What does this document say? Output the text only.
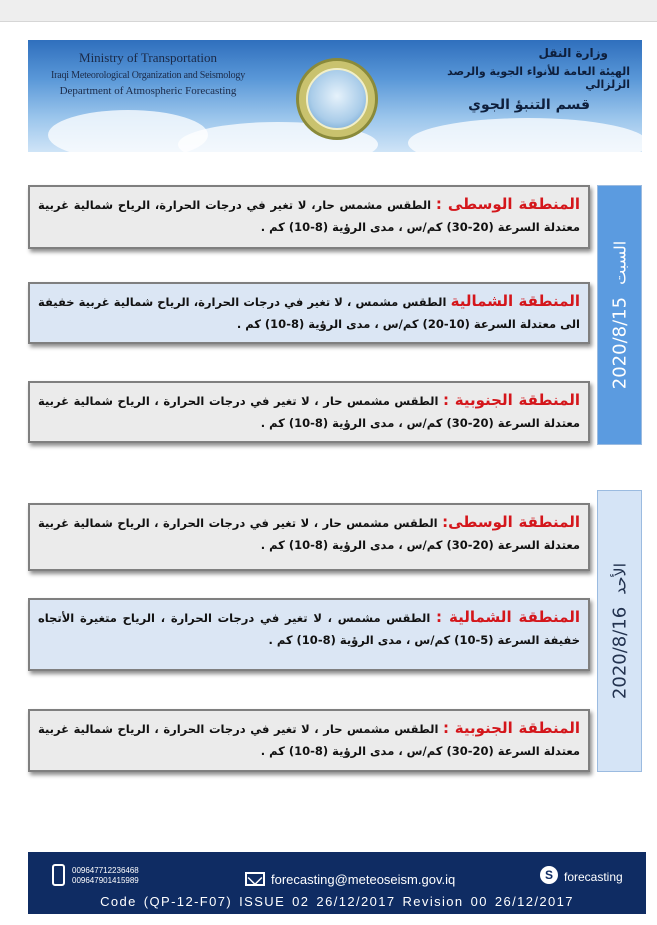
Ministry of Transportation
Iraqi Meteorological Organization and Seismology
Department of Atmospheric Forecasting
وزارة النقل
الهيئة العامة للأنواء الجوية والرصد الزلزالي
قسم التنبؤ الجوي
2020/8/15السبت
المنطقة الوسطى : الطقس مشمس حار، لا تغير في درجات الحرارة، الرياح شمالية غربية معتدلة السرعة (20-30) كم/س ، مدى الرؤية (8-10) كم .
المنطقة الشمالية الطقس مشمس ، لا تغير في درجات الحرارة، الرياح شمالية غربية خفيفة الى معتدلة السرعة (10-20) كم/س ، مدى الرؤية (8-10) كم .
المنطقة الجنوبية : الطقس مشمس حار ، لا تغير في درجات الحرارة ، الرياح شمالية غربية معتدلة السرعة (20-30) كم/س ، مدى الرؤية (8-10) كم .
2020/8/16الأحد
المنطقة الوسطى: الطقس مشمس حار ، لا تغير في درجات الحرارة ، الرياح شمالية غربية معتدلة السرعة (20-30) كم/س ، مدى الرؤية (8-10) كم .
المنطقة الشمالية : الطقس مشمس ، لا تغير في درجات الحرارة ، الرياح متغيرة الأتجاه خفيفة السرعة (5-10) كم/س ، مدى الرؤية (8-10) كم .
المنطقة الجنوبية : الطقس مشمس حار ، لا تغير في درجات الحرارة ، الرياح شمالية غربية معتدلة السرعة (20-30) كم/س ، مدى الرؤية (8-10) كم .
009647712236468
009647901415989	forecasting@meteoseism.gov.iq	S forecasting
Code (QP-12-F07) ISSUE 02 26/12/2017 Revision 00 26/12/2017
